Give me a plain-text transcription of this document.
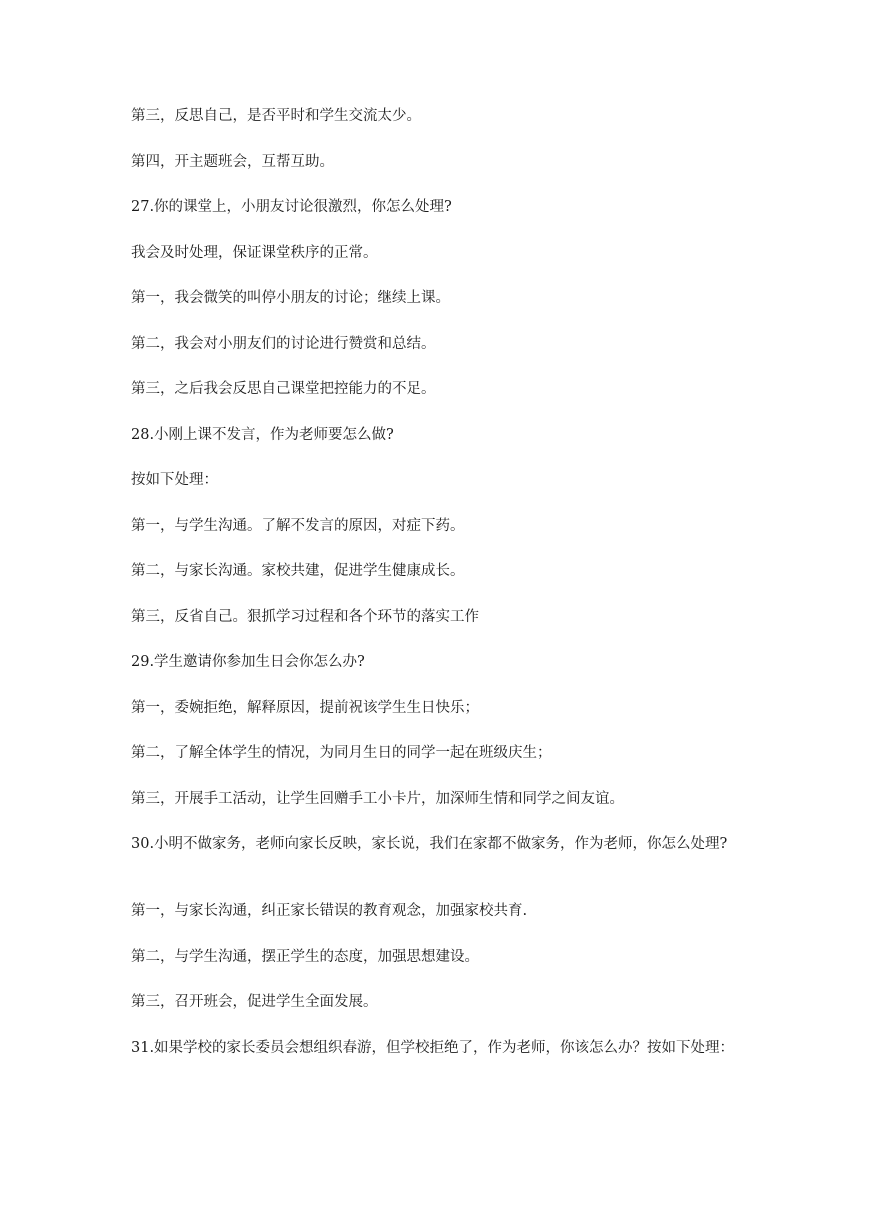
第三，反思自己，是否平时和学生交流太少。

第四，开主题班会，互帮互助。

27.你的课堂上，小朋友讨论很激烈，你怎么处理?

我会及时处理，保证课堂秩序的正常。

第一，我会微笑的叫停小朋友的讨论；继续上课。

第二，我会对小朋友们的讨论进行赞赏和总结。

第三，之后我会反思自己课堂把控能力的不足。

28.小刚上课不发言，作为老师要怎么做?

按如下处理：

第一，与学生沟通。了解不发言的原因，对症下药。

第二，与家长沟通。家校共建，促进学生健康成长。

第三，反省自己。狠抓学习过程和各个环节的落实工作

29.学生邀请你参加生日会你怎么办?

第一，委婉拒绝，解释原因，提前祝该学生生日快乐；

第二，了解全体学生的情况，为同月生日的同学一起在班级庆生；

第三，开展手工活动，让学生回赠手工小卡片，加深师生情和同学之间友谊。

30.小明不做家务，老师向家长反映，家长说，我们在家都不做家务，作为老师，你怎么处理?

第一，与家长沟通，纠正家长错误的教育观念，加强家校共育.

第二，与学生沟通，摆正学生的态度，加强思想建设。

第三，召开班会，促进学生全面发展。

31.如果学校的家长委员会想组织春游，但学校拒绝了，作为老师，你该怎么办？按如下处理：
